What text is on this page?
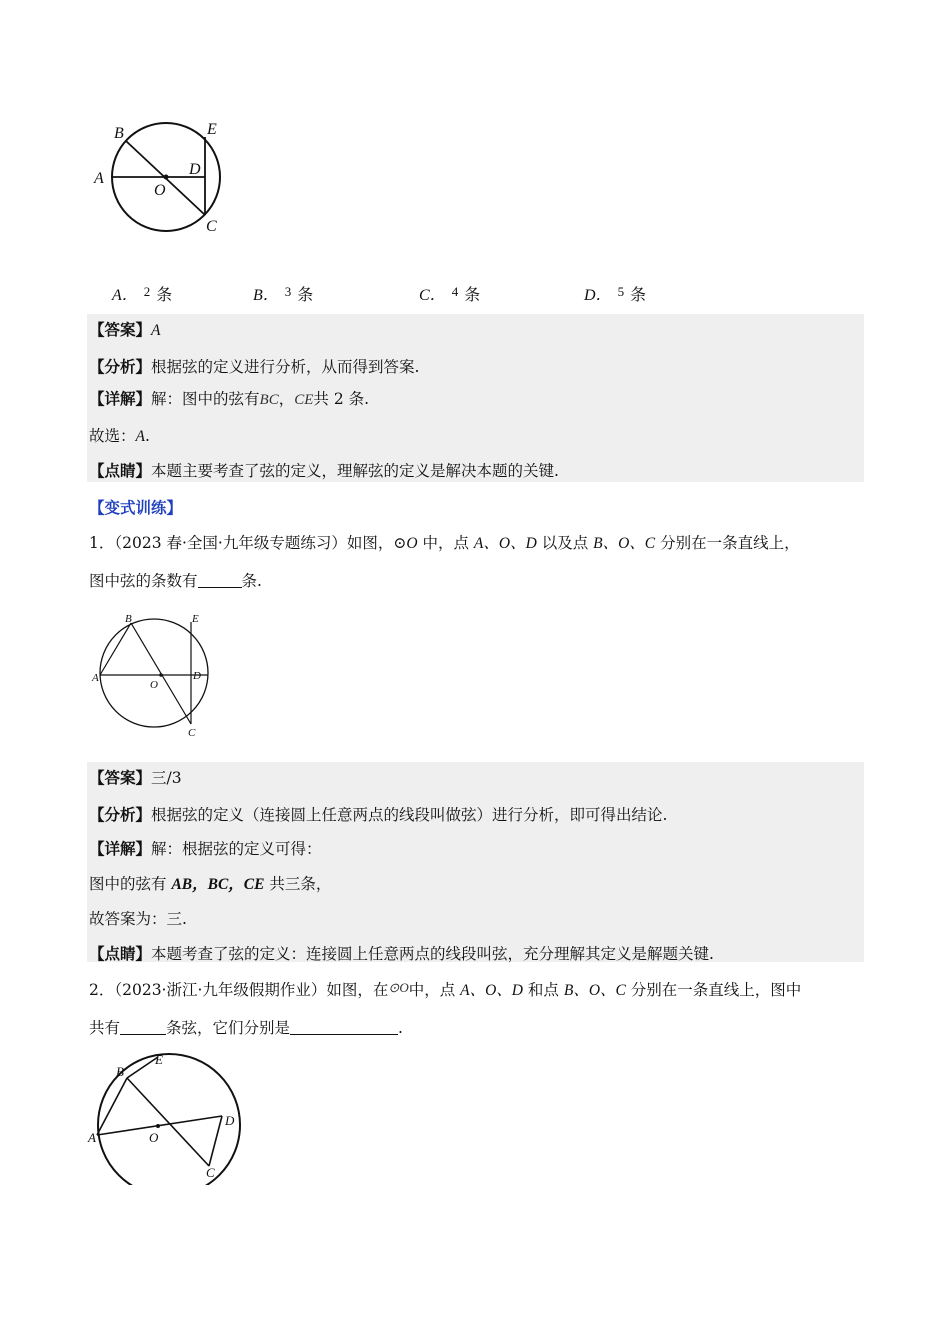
B	E
A
D
O
C
A． $^2$ 条	B． $^3$ 条	C． $^4$ 条	D． $^5$ 条
【答案】A
【分析】根据弦的定义进行分析，从而得到答案.
【详解】解：图中的弦有BC，CE共 2 条.
故选：A.
【点睛】本题主要考查了弦的定义，理解弦的定义是解决本题的关键.
【变式训练】
1．（2023 春·全国·九年级专题练习）如图，⊙O 中，点 A、O、D 以及点 B、O、C 分别在一条直线上，
图中弦的条数有	条.
B	E
A
O
D
C
【答案】三/3
【分析】根据弦的定义（连接圆上任意两点的线段叫做弦）进行分析，即可得出结论.
【详解】解：根据弦的定义可得：
图中的弦有 AB，BC，CE 共三条，
故答案为：三.
【点睛】本题考查了弦的定义：连接圆上任意两点的线段叫弦，充分理解其定义是解题关键.
2．（2023·浙江·九年级假期作业）如图，在⊙O中，点 A、O、D 和点 B、O、C 分别在一条直线上，图中
共有	条弦，它们分别是	.
E
B
A	O
D
C
